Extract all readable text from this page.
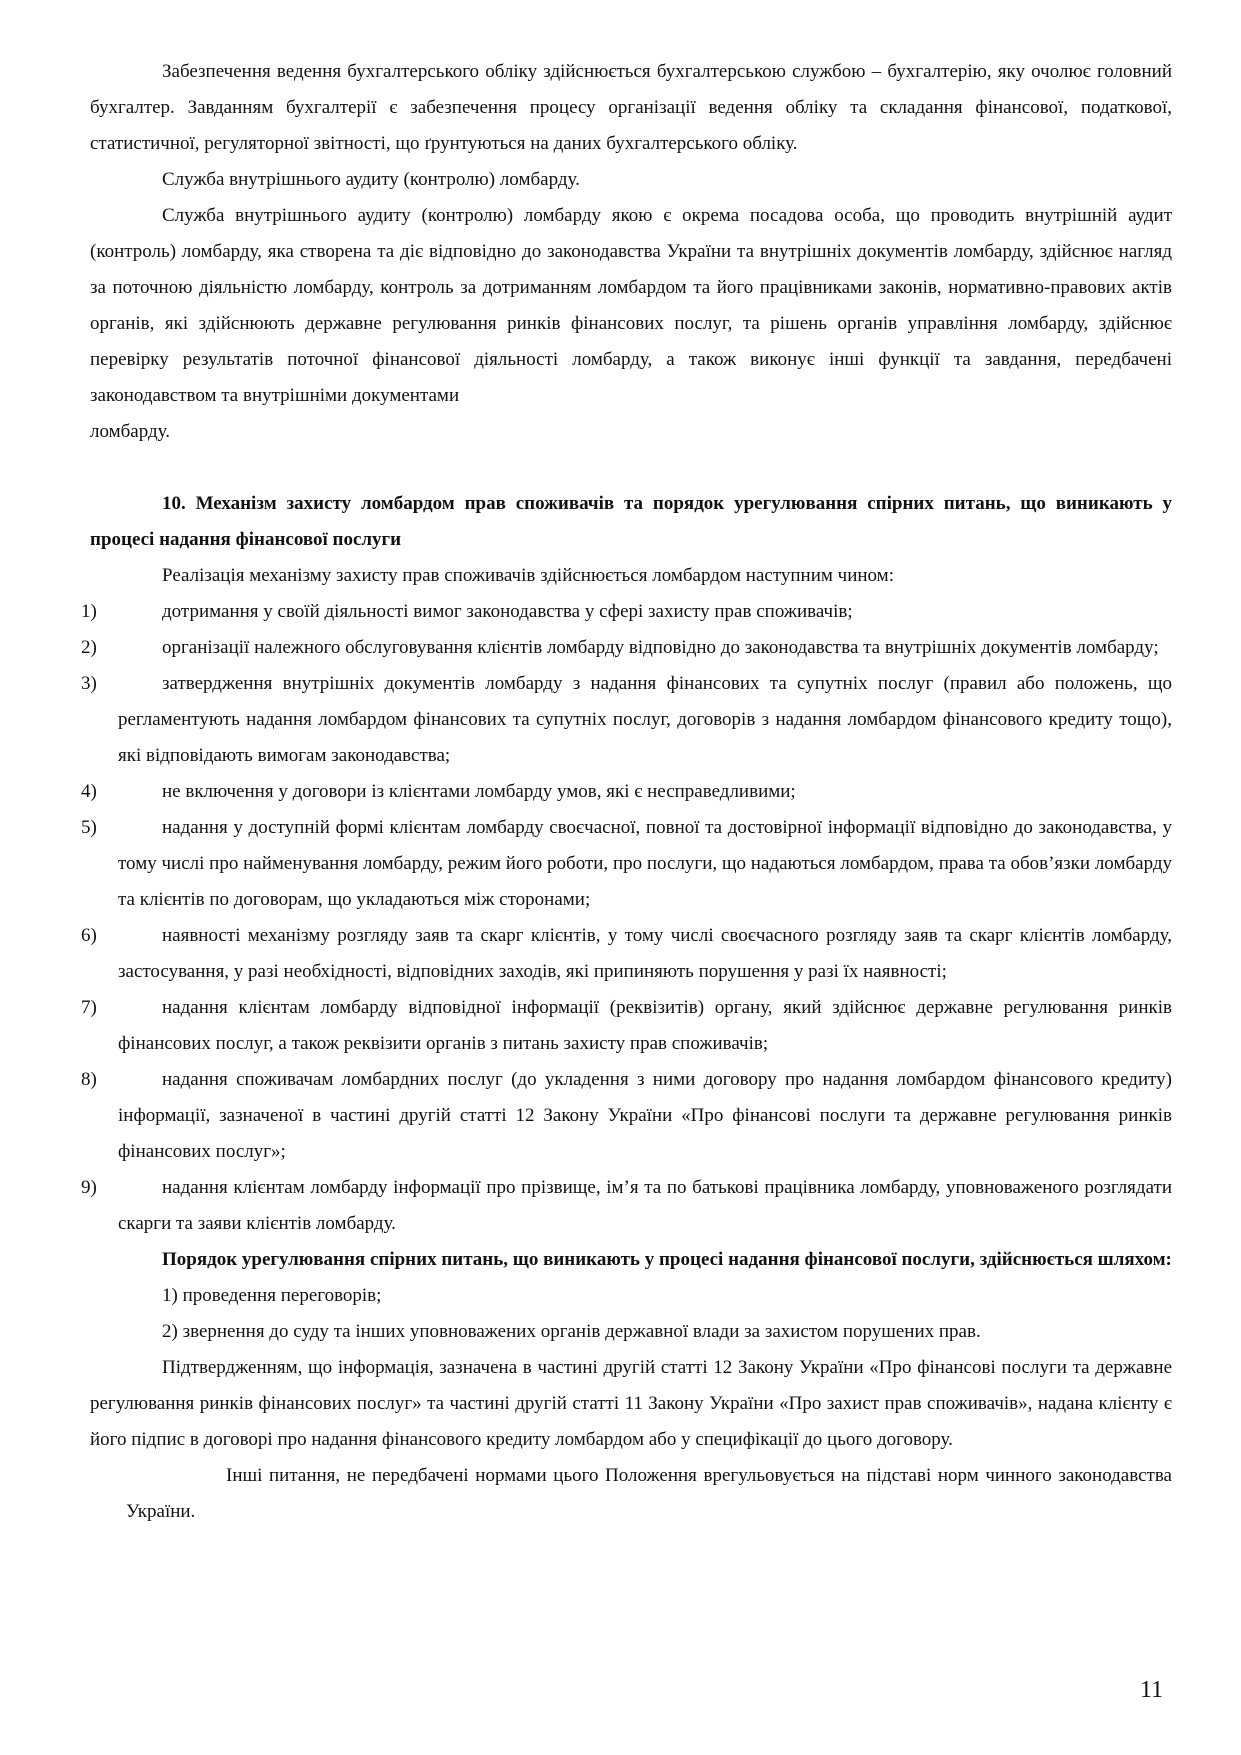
Забезпечення ведення бухгалтерського обліку здійснюється бухгалтерською службою – бухгалтерію, яку очолює головний бухгалтер. Завданням бухгалтерії є забезпечення процесу організації ведення обліку та складання фінансової, податкової, статистичної, регуляторної звітності, що ґрунтуються на даних бухгалтерського обліку.

Служба внутрішнього аудиту (контролю) ломбарду.

Служба внутрішнього аудиту (контролю) ломбарду якою є окрема посадова особа, що проводить внутрішній аудит (контроль) ломбарду, яка створена та діє відповідно до законодавства України та внутрішніх документів ломбарду, здійснює нагляд за поточною діяльністю ломбарду, контроль за дотриманням ломбардом та його працівниками законів, нормативно-правових актів органів, які здійснюють державне регулювання ринків фінансових послуг, та рішень органів управління ломбарду, здійснює перевірку результатів поточної фінансової діяльності ломбарду, а також виконує інші функції та завдання, передбачені законодавством та внутрішніми документами

ломбарду.

10. Механізм захисту ломбардом прав споживачів та порядок урегулювання спірних питань, що виникають у процесі надання фінансової послуги

Реалізація механізму захисту прав споживачів здійснюється ломбардом наступним чином:

1)	дотримання у своїй діяльності вимог законодавства у сфері захисту прав споживачів;

2)	організації належного обслуговування клієнтів ломбарду відповідно до законодавства та внутрішніх документів ломбарду;

3)	затвердження внутрішніх документів ломбарду з надання фінансових та супутніх послуг (правил або положень, що регламентують надання ломбардом фінансових та супутніх послуг, договорів з надання ломбардом фінансового кредиту тощо), які відповідають вимогам законодавства;

4)	не включення у договори із клієнтами ломбарду умов, які є несправедливими;

5)	надання у доступній формі клієнтам ломбарду своєчасної, повної та достовірної інформації відповідно до законодавства, у тому числі про найменування ломбарду, режим його роботи, про послуги, що надаються ломбардом, права та обов’язки ломбарду та клієнтів по договорам, що укладаються між сторонами;

6)	наявності механізму розгляду заяв та скарг клієнтів, у тому числі своєчасного розгляду заяв та скарг клієнтів ломбарду, застосування, у разі необхідності, відповідних заходів, які припиняють порушення у разі їх наявності;

7)	надання клієнтам ломбарду відповідної інформації (реквізитів) органу, який здійснює державне регулювання ринків фінансових послуг, а також реквізити органів з питань захисту прав споживачів;

8)	надання споживачам ломбардних послуг (до укладення з ними договору про надання ломбардом фінансового кредиту) інформації, зазначеної в частині другій статті 12 Закону України «Про фінансові послуги та державне регулювання ринків фінансових послуг»;

9)	надання клієнтам ломбарду інформації про прізвище, ім’я та по батькові працівника ломбарду, уповноваженого розглядати скарги та заяви клієнтів ломбарду.

Порядок урегулювання спірних питань, що виникають у процесі надання фінансової послуги, здійснюється шляхом:

1) проведення переговорів;

2) звернення до суду та інших уповноважених органів державної влади за захистом порушених прав.

Підтвердженням, що інформація, зазначена в частині другій статті 12 Закону України «Про фінансові послуги та державне регулювання ринків фінансових послуг» та частині другій статті 11 Закону України «Про захист прав споживачів», надана клієнту є його підпис в договорі про надання фінансового кредиту ломбардом або у специфікації до цього договору.

Інші питання, не передбачені нормами цього Положення врегульовується на підставі норм чинного законодавства України.

11
